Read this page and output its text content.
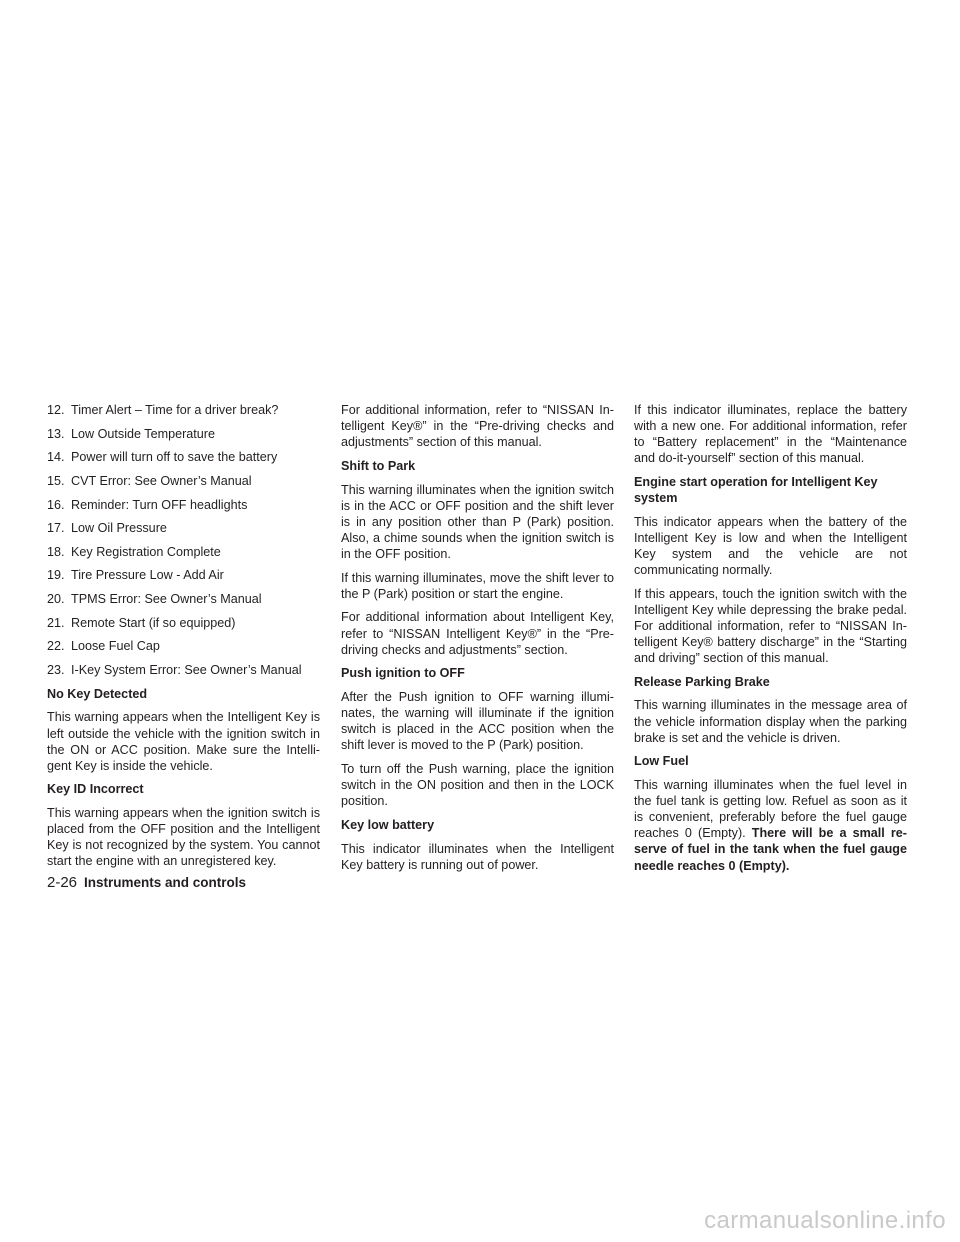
12. Timer Alert – Time for a driver break?
13. Low Outside Temperature
14. Power will turn off to save the battery
15. CVT Error: See Owner’s Manual
16. Reminder: Turn OFF headlights
17. Low Oil Pressure
18. Key Registration Complete
19. Tire Pressure Low - Add Air
20. TPMS Error: See Owner’s Manual
21. Remote Start (if so equipped)
22. Loose Fuel Cap
23. I-Key System Error: See Owner’s Manual
No Key Detected

This warning appears when the Intelligent Key is left outside the vehicle with the ignition switch in the ON or ACC position. Make sure the Intelli-gent Key is inside the vehicle.

Key ID Incorrect

This warning appears when the ignition switch is placed from the OFF position and the Intelligent Key is not recognized by the system. You cannot start the engine with an unregistered key.

For additional information, refer to “NISSAN In-telligent Key®” in the “Pre-driving checks and adjustments” section of this manual.

Shift to Park

This warning illuminates when the ignition switch is in the ACC or OFF position and the shift lever is in any position other than P (Park) position. Also, a chime sounds when the ignition switch is in the OFF position.

If this warning illuminates, move the shift lever to the P (Park) position or start the engine.

For additional information about Intelligent Key, refer to “NISSAN Intelligent Key®” in the “Pre-driving checks and adjustments” section.

Push ignition to OFF

After the Push ignition to OFF warning illumi-nates, the warning will illuminate if the ignition switch is placed in the ACC position when the shift lever is moved to the P (Park) position.

To turn off the Push warning, place the ignition switch in the ON position and then in the LOCK position.

Key low battery

This indicator illuminates when the Intelligent Key battery is running out of power.

If this indicator illuminates, replace the battery with a new one. For additional information, refer to “Battery replacement” in the “Maintenance and do-it-yourself” section of this manual.

Engine start operation for Intelligent Key system

This indicator appears when the battery of the Intelligent Key is low and when the Intelligent Key system and the vehicle are not communicating normally.

If this appears, touch the ignition switch with the Intelligent Key while depressing the brake pedal. For additional information, refer to “NISSAN In-telligent Key® battery discharge” in the “Starting and driving” section of this manual.

Release Parking Brake

This warning illuminates in the message area of the vehicle information display when the parking brake is set and the vehicle is driven.

Low Fuel

This warning illuminates when the fuel level in the fuel tank is getting low. Refuel as soon as it is convenient, preferably before the fuel gauge reaches 0 (Empty). There will be a small re-serve of fuel in the tank when the fuel gauge needle reaches 0 (Empty).

2-26 Instruments and controls
carmanualsonline.info
